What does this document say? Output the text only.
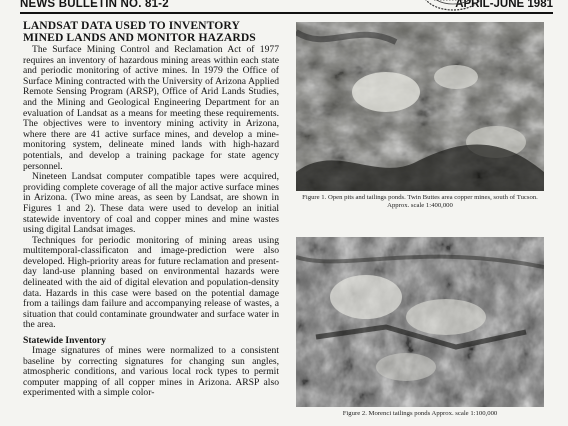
NEWS BULLETIN NO. 81-2	APRIL-JUNE 1981
LANDSAT DATA USED TO INVENTORY MINED LANDS AND MONITOR HAZARDS

The Surface Mining Control and Reclamation Act of 1977 requires an inventory of hazardous mining areas within each state and periodic monitoring of active mines. In 1979 the Office of Surface Mining contracted with the University of Arizona Applied Remote Sensing Program (ARSP), Office of Arid Lands Studies, and the Mining and Geological Engineering Department for an evaluation of Landsat as a means for meeting these requirements. The objectives were to inventory mining activity in Arizona, where there are 41 active surface mines, and develop a mine-monitoring system, delineate mined lands with high-hazard potentials, and develop a training package for state agency personnel.

Nineteen Landsat computer compatible tapes were acquired, providing complete coverage of all the major active surface mines in Arizona. (Two mine areas, as seen by Landsat, are shown in Figures 1 and 2). These data were used to develop an initial statewide inventory of coal and copper mines and mine wastes using digital Landsat images.

Techniques for periodic monitoring of mining areas using multitemporal-classificaton and image-prediction were also developed. High-priority areas for future reclamation and present-day land-use planning based on environmental hazards were delineated with the aid of digital elevation and population-density data. Hazards in this case were based on the potential damage from a tailings dam failure and accompanying release of wastes, a situation that could contaminate groundwater and surface water in the area.

Statewide Inventory

Image signatures of mines were normalized to a consistent baseline by correcting signatures for changing sun angles, atmospheric conditions, and various local rock types to permit computer mapping of all copper mines in Arizona. ARSP also experimented with a simple color-

Figure 1. Open pits and tailings ponds. Twin Buttes area copper mines, south of Tucson. Approx. scale 1:400,000
Figure 2. Morenci tailings ponds Approx. scale 1:100,000
